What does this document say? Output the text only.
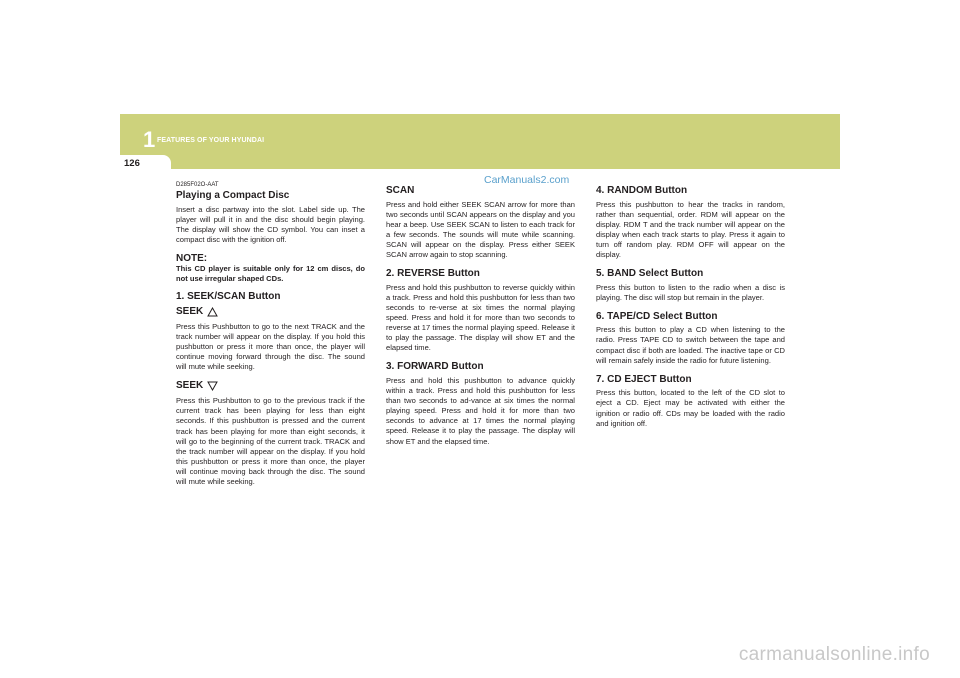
1 FEATURES OF YOUR HYUNDAI
126
CarManuals2.com
D285F02O-AAT
Playing a Compact Disc

Insert a disc partway into the slot. Label side up. The player will pull it in and the disc should begin playing. The display will show the CD symbol. You can inset a compact disc with the ignition off.

NOTE:
This CD player is suitable only for 12 cm discs, do not use irregular shaped CDs.
1. SEEK/SCAN Button
SEEK

Press this Pushbutton to go to the next TRACK and the track number will appear on the display. If you hold this pushbutton or press it more than once, the player will continue moving forward through the disc. The sound will mute while seeking.

SEEK

Press this Pushbutton to go to the previous track if the current track has been playing for less than eight seconds. If this pushbutton is pressed and the current track has been playing for more than eight seconds, it will go to the beginning of the current track. TRACK and the track number will appear on the display. If you hold this pushbutton or press it more than once, the player will continue moving back through the disc. The sound will mute while seeking.

SCAN

Press and hold either SEEK SCAN arrow for more than two seconds until SCAN appears on the display and you hear a beep. Use SEEK SCAN to listen to each track for a few seconds. The sounds will mute while scanning. SCAN will appear on the display. Press either SEEK SCAN arrow again to stop scanning.

2. REVERSE Button

Press and hold this pushbutton to reverse quickly within a track. Press and hold this pushbutton for less than two seconds to re-verse at six times the normal playing speed. Press and hold it for more than two seconds to reverse at 17 times the normal playing speed. Release it to play the passage. The display will show ET and the elapsed time.

3. FORWARD Button

Press and hold this pushbutton to advance quickly within a track. Press and hold this pushbutton for less than two seconds to ad-vance at six times the normal playing speed. Press and hold it for more than two seconds to advance at 17 times the normal playing speed. Release it to play the passage. The display will show ET and the elapsed time.

4. RANDOM Button

Press this pushbutton to hear the tracks in random, rather than sequential, order. RDM will appear on the display. RDM T and the track number will appear on the display when each track starts to play. Press it again to turn off random play. RDM OFF will appear on the display.

5. BAND Select Button

Press this button to listen to the radio when a disc is playing. The disc will stop but remain in the player.

6. TAPE/CD Select Button

Press this button to play a CD when listening to the radio. Press TAPE CD to switch between the tape and compact disc if both are loaded. The inactive tape or CD will remain safely inside the radio for future listening.

7. CD EJECT Button

Press this button, located to the left of the CD slot to eject a CD. Eject may be activated with either the ignition or radio off. CDs may be loaded with the radio and ignition off.

carmanualsonline.info
